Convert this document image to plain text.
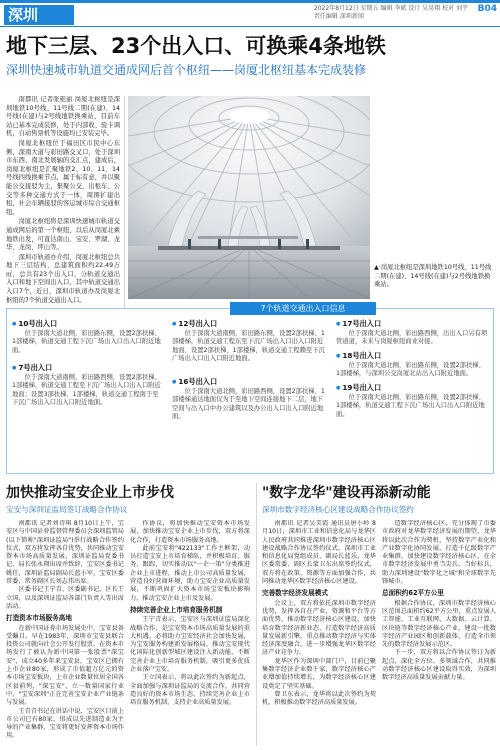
深圳	2022年8月12日 星期五 编辑 李斌 设计 吴昊翔 校对 刘宇
责任编辑 深圳新闻
B04
地下三层、23个出入口、可换乘4条地铁
深圳快速城市轨道交通成网后首个枢纽——岗厦北枢纽基本完成装修

南都讯 记者张艳丽 岗厦北枢纽是深圳地铁10号线、11号线二期(在建)、14号线(在建)与2号线地铁换乘站，目前车站已基本完成装修，处于内部收、验卡调机，自动售票机等设施均已安装完毕。

岗厦北枢纽位于福田区市民中心东侧，深南大道与彩田路交叉口，处于深圳市东西、南北发展轴的交汇点，建成后，岗厦北枢纽是汇聚地铁2、10、11、14号线四线换乘节点，属于标有意，并以聚能公交接驳为主，集聚公交、出租车、公交等多种交通方式于一体，周围扩建出租，社会车辆接驳的客运城市综合交通枢纽。

岗厦北枢纽将是深圳快速城市轨道交通成网后的第一个枢纽，以后从岗厦北乘地铁出发，可直达南山、宝安、罗湖、龙华、龙岗、坪山等。

深圳市轨道办介绍，岗厦北枢纽总共地下三层结构，总建筑面积约22.49万㎡，总共有23个出入口，分轨道交通出入口和地下空间出入口，其中轨道交通出入口7个，近日，深圳市轨道办及岗厦北枢纽的7个轨道交通出入口。

▲·岗厦北枢纽是深圳地铁10号线、11号线二期(在建)、14号线(在建)与2号线地铁换乘站。
7个轨道交通出入口信息
● 10号出入口
位于深南大道北侧，彩田路东侧，设置2部扶梯、1部楼梯，轨道交通工程下沉广场出入口出入口附近地面。
● 7号出入口
位于深南大道南侧，彩田路西侧，设置2部扶梯、1部楼梯，轨道交通工程至下沉广场出入口出入口附近地面；设置3部扶梯、1部楼梯，轨道交通工程南于至下沉广场出入口出入口附近地面。
● 12号出入口
位于深南大道南侧，彩田路东侧，设置2部扶梯、1部楼梯，轨道交通工程东至下沉广场出入口出入口附近地面，设置2部扶梯、1部楼梯，轨道交通工程赖至下沉广场出入口出入口附近地面。
● 16号出入口
位于深南大道北侧，彩田路西侧，设置2部扶梯、1部楼梯通达地面仅为于至地下空间连接地下二层，地下空间与出入口中办公建筑以及办公出入口出入口附近地面。
● 17号出入口
位于深南大道北侧，彩田路西侧，出出入口另有项管道道，未来与岗厦枢纽商业对接。
● 18号出入口
位于深南大道北侧，彩田路东侧，设置2部扶梯、1部楼梯，与深圳公交岗厦北站出入口附近地面。
● 19号出入口
位于深南大道北侧，彩田路东侧，设置2部扶梯、1部楼梯，轨道交通工程下沉广场出入口出入口附近地面。
加快推动宝安企业上市步伐
宝安与深圳证监局签订战略合作协议

南都讯 记者刘诗琪 8月10日上午，宝安区与中国证券监督管理委员会深圳监管局(以下简称"深圳证监局")举行战略合作签约仪式，双方将发挥各自优势，共同推动宝安资本市场高质量发展，深圳证监局党委书记、局长张永翔出席并致辞，宝安区委书记姚任，深圳证监局副局长蓝小军，宝安区委常委、常务副区长刘志伟出席。

区委书记王宁青、区委副书记、区长王立国，以及深圳证监局各部门负责人等出席活动。

打造资本市场服务高地

在新中国证券市场发展史中，宝安县备受瞩目。早在1983年，深圳市宝安县联合投资公司就向社会公开发行股票，在资本市场发行了被认为新中国第一张股票"深宝安"，成立40多年来宝安县，宝安区已拥有上市企业80家，形成了市值超万亿元的资本市场宝安板块，上市企业数量位居全国各区县前列，"深宝安"、立一数量国家行业中，"宝安深圳"正在完善宝安企业产业链条与发展。

王青青书记在讲话中说，宝安区目前上市公司已有80家，形成以先进制造业为主导的产业集群，宝安将更好发挥资本市场作用。

作协议，将加快推动宝安资本市场发展，加快推动宝安企业上市步伐，双方将深化合作，打造资本市场服务高地。

此前宝安将"422133"工作主框架，动员打造宝安上市培育梯队，并积极培育、服务、跟踪，切实推动以"一企一策"分类推进企业上市进程，推动上市公司高质量发展，营造良好营商环境，助力宝安企业高质量发展，不断巩固扩大资本市场宝安板块影响力，推动宝安企业上市及发展。

持续完善企业上市培育服务机制

王宁青表示，宝安区与深圳证监局深化战略合作，是宝安资本市场高质量发展的重大机遇，必将助力宝安经济社会加快发展，为宝安服务构建新发展格局，推动宝安现代化国际化创新型城区建设注入新动能，不断完善企业上市培育服务机制，吸引更多优质企业落户宝安。

王立国表示，将以此次签约为新起点，全面加强与深圳证监局的交流合作，共同营造良好的资本市场生态，持续完善企业上市培育服务机制，支持企业高质量发展。

"数字龙华"建设再添新动能
深圳市数字经济核心区建设战略合作协议签约

南都讯 记者吴美霞 通讯员唐小岭 8月10日，深圳市工业和信息化局与龙华区人民政府共同推进深圳市数字经济核心区建设战略合作协议签约仪式，深圳市工业和信息化局党组成员、副局长蓝乐，龙华区委常委、副区长蒙卫东出席签约仪式，双方将在政策、资源等方面加强合作，共同推动龙华区数字经济核心区建设。

完善数字经济发展模式

会议上，双方将依托深圳市数字经济优势，发挥各自在产业、资源和平台等方面优势，推动数字经济核心区建设，加快培育数字经济新业态，打造数字经济高质量发展新引擎，重点推动数字经济与实体经济深度融合，进一步增强龙华区数字经济产业竞争力。

龙华区作为深圳中部门户，目前已聚集数字经济企业数千家，数字经济核心产业增加值持续增长，为数字经济核心区建设奠定了坚实基础。

曾卫东表示，龙华将以此次签约为契机，积极推动数字经济高质量发展。

造数字经济核心区，充分体现了市委市政府对龙华数字经济发展的期望，龙华将以此次合作为契机，坚持数字产业化和产业数字化协同发展，打造千亿级数字产业集群，加快建设数字经济核心区，在全市数字经济发展中勇当尖兵、当好标兵，助力深圳建设"数字化之城"和全球数字先锋城市。

总面积约62平方公里

根据合作协议，深圳市数字经济核心区范围总面积约62平方公里，重点发展人工智能、工业互联网、大数据、云计算、区块链等数字经济核心产业，建设一批数字经济产业园区和创新载体，打造全市领先的数字经济发展示范区。

下一步，双方将以合作协议签订为新起点，深化全方位、多领域合作，共同推动数字经济核心区建设取得实效，为深圳数字经济高质量发展贡献力量。
